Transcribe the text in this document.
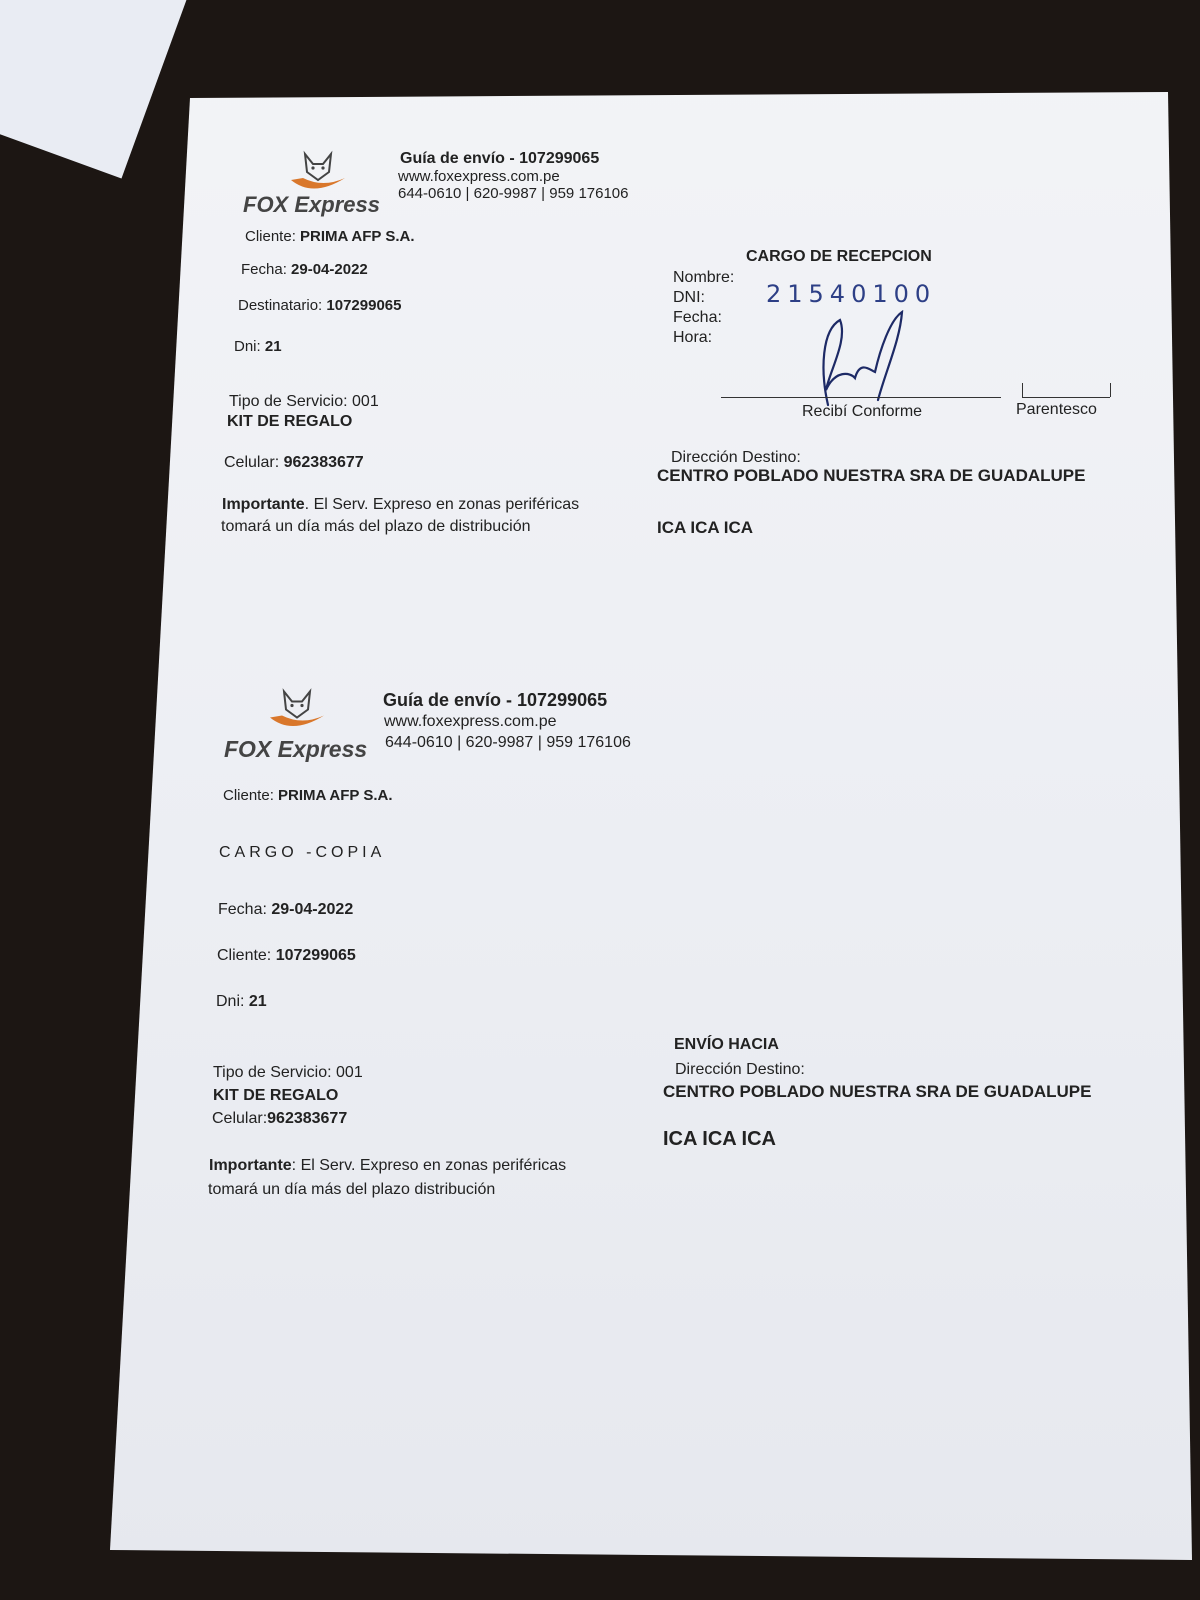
FOX Express
Guía de envío - 107299065
www.foxexpress.com.pe
644-0610 | 620-9987 | 959 176106
Cliente: PRIMA AFP S.A.
Fecha: 29-04-2022
Destinatario: 107299065
Dni: 21
Tipo de Servicio: 001
KIT DE REGALO
Celular: 962383677
Importante. El Serv. Expreso en zonas periféricas
tomará un día más del plazo de distribución
CARGO DE RECEPCION
Nombre:
DNI:	21540100
Fecha:
Hora:
Recibí Conforme	Parentesco
Dirección Destino:
CENTRO POBLADO NUESTRA SRA DE GUADALUPE
ICA ICA ICA
FOX Express
Guía de envío - 107299065
www.foxexpress.com.pe
644-0610 | 620-9987 | 959 176106
Cliente: PRIMA AFP S.A.
CARGO -COPIA
Fecha: 29-04-2022
Cliente: 107299065
Dni: 21
Tipo de Servicio: 001
KIT DE REGALO
Celular:962383677
Importante: El Serv. Expreso en zonas periféricas
tomará un día más del plazo distribución
ENVÍO HACIA
Dirección Destino:
CENTRO POBLADO NUESTRA SRA DE GUADALUPE
ICA ICA ICA
